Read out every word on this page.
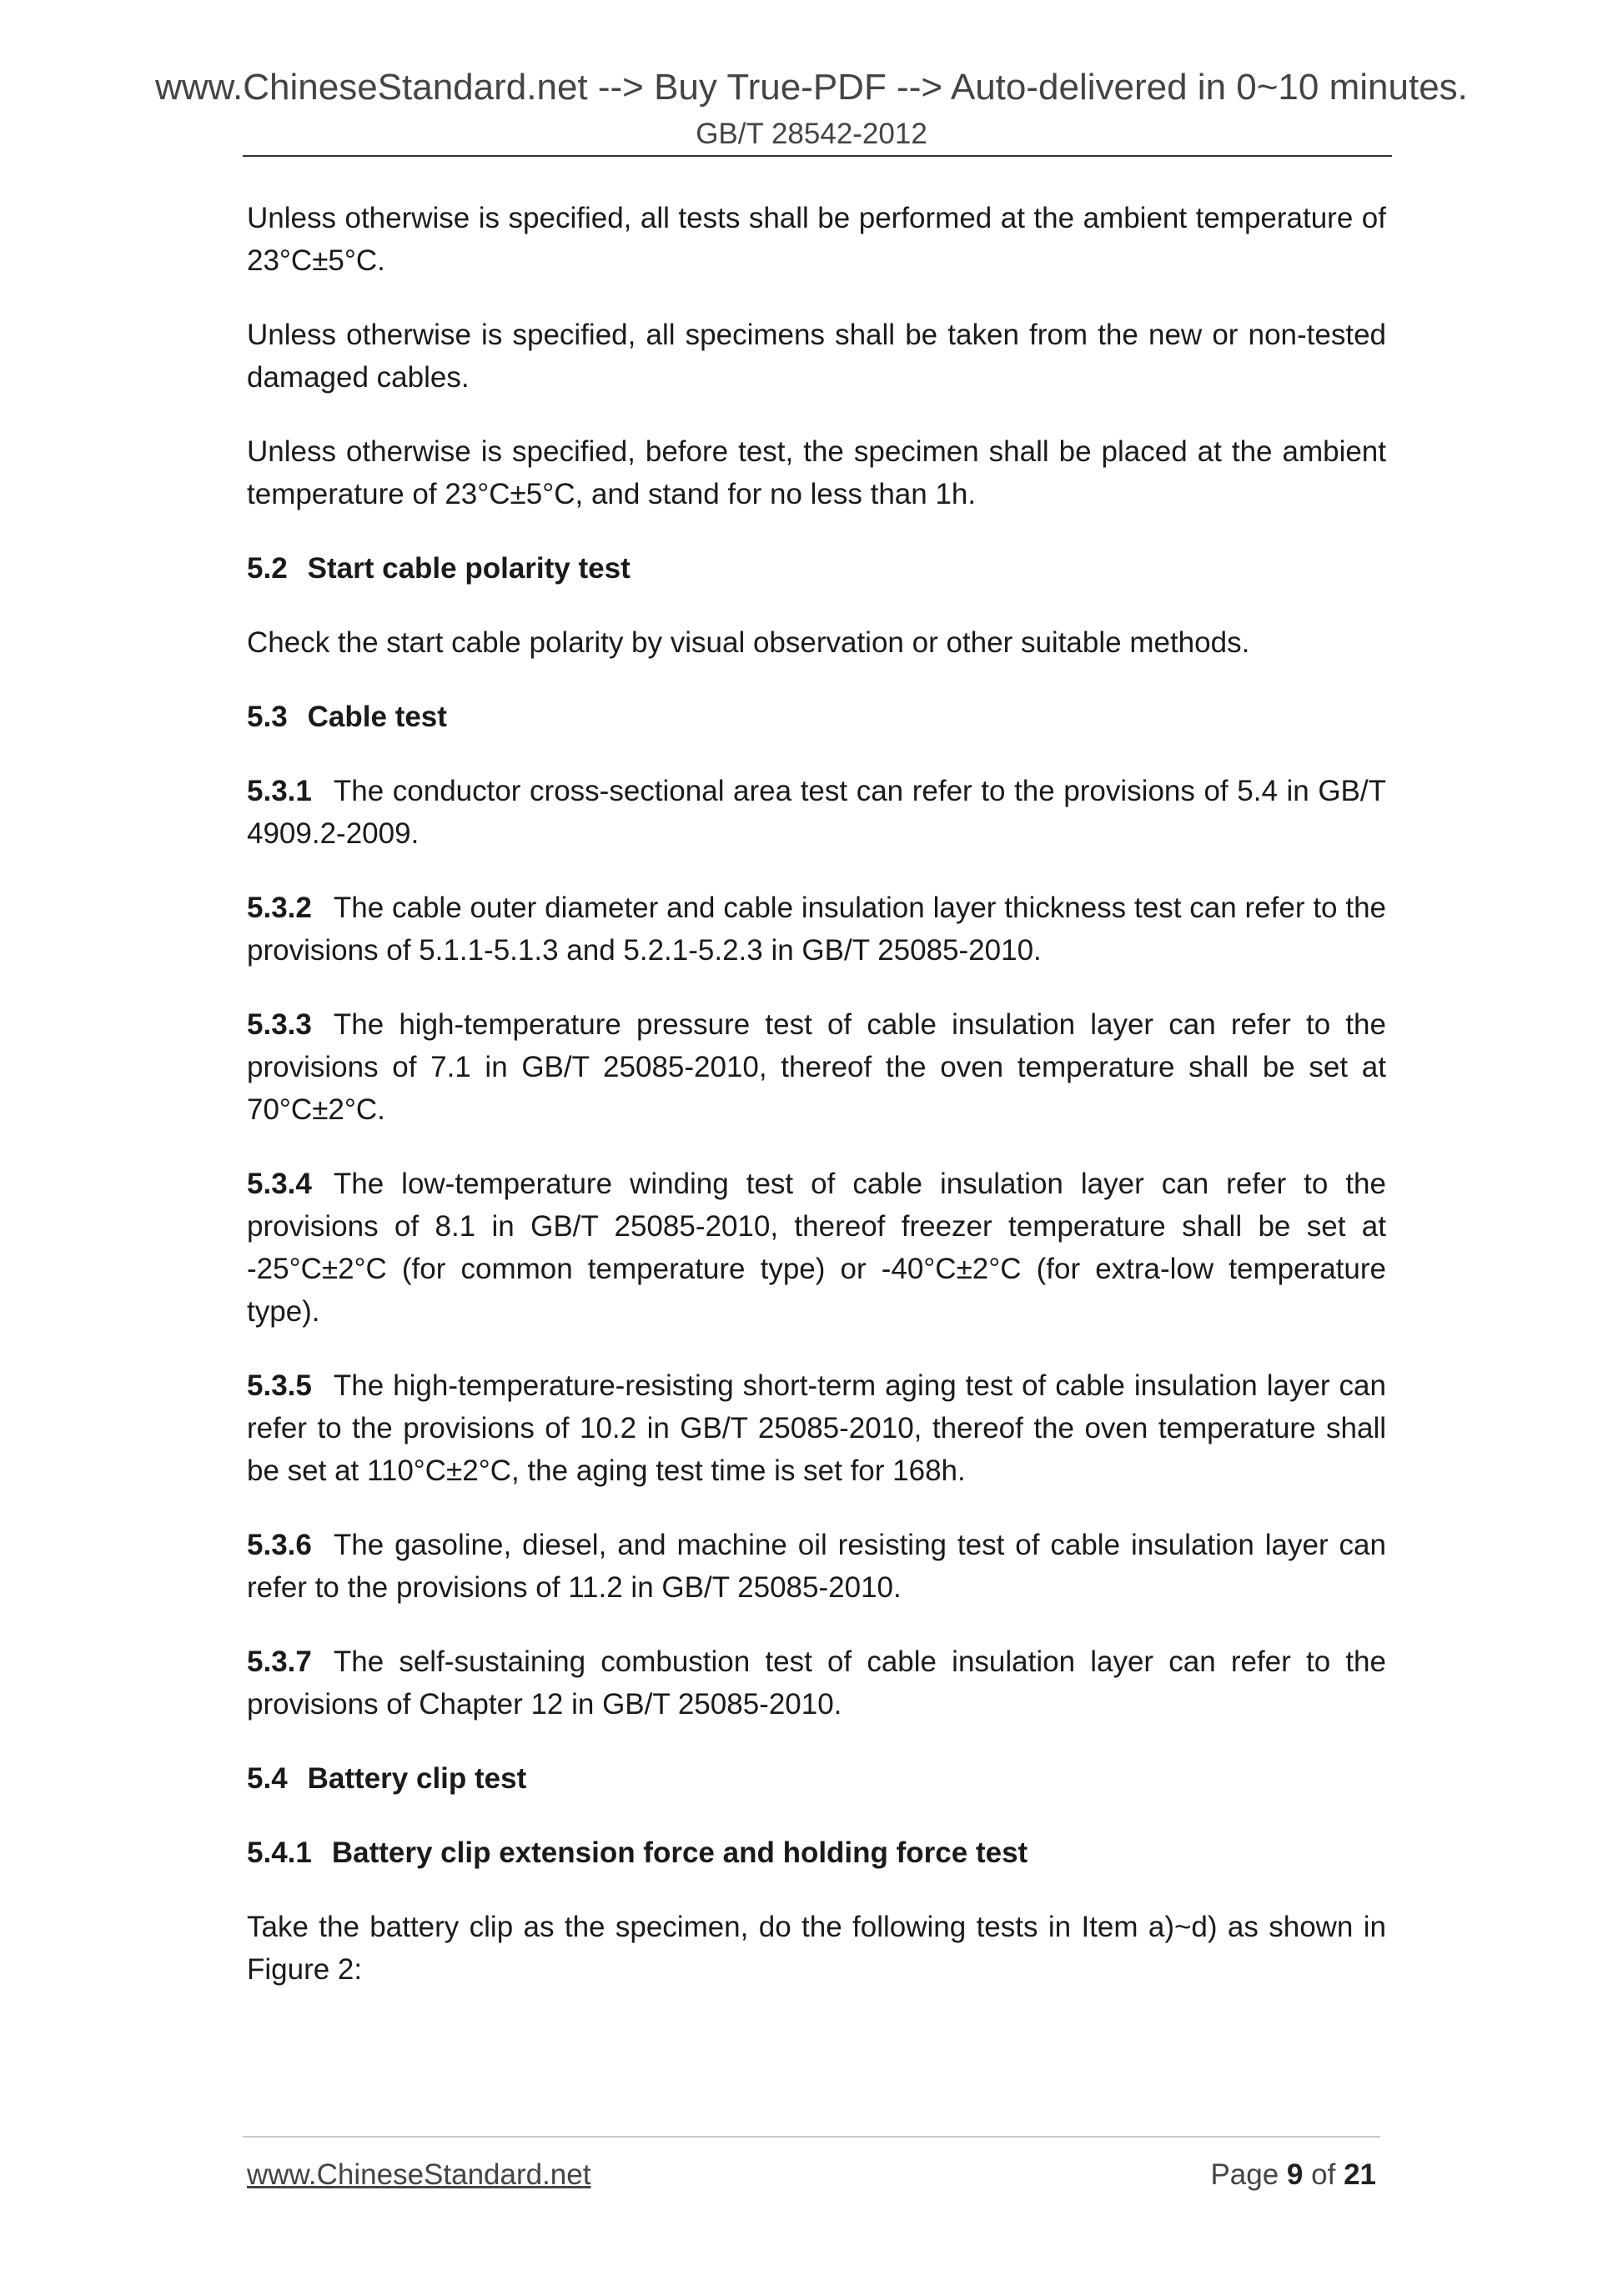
www.ChineseStandard.net --> Buy True-PDF --> Auto-delivered in 0~10 minutes.
GB/T 28542-2012

Unless otherwise is specified, all tests shall be performed at the ambient temperature of 23°C±5°C.

Unless otherwise is specified, all specimens shall be taken from the new or non-tested damaged cables.

Unless otherwise is specified, before test, the specimen shall be placed at the ambient temperature of 23°C±5°C, and stand for no less than 1h.

5.2 Start cable polarity test

Check the start cable polarity by visual observation or other suitable methods.

5.3 Cable test

5.3.1 The conductor cross-sectional area test can refer to the provisions of 5.4 in GB/T 4909.2-2009.

5.3.2 The cable outer diameter and cable insulation layer thickness test can refer to the provisions of 5.1.1-5.1.3 and 5.2.1-5.2.3 in GB/T 25085-2010.

5.3.3 The high-temperature pressure test of cable insulation layer can refer to the provisions of 7.1 in GB/T 25085-2010, thereof the oven temperature shall be set at 70°C±2°C.

5.3.4 The low-temperature winding test of cable insulation layer can refer to the provisions of 8.1 in GB/T 25085-2010, thereof freezer temperature shall be set at -25°C±2°C (for common temperature type) or -40°C±2°C (for extra-low temperature type).

5.3.5 The high-temperature-resisting short-term aging test of cable insulation layer can refer to the provisions of 10.2 in GB/T 25085-2010, thereof the oven temperature shall be set at 110°C±2°C, the aging test time is set for 168h.

5.3.6 The gasoline, diesel, and machine oil resisting test of cable insulation layer can refer to the provisions of 11.2 in GB/T 25085-2010.

5.3.7 The self-sustaining combustion test of cable insulation layer can refer to the provisions of Chapter 12 in GB/T 25085-2010.

5.4 Battery clip test
5.4.1 Battery clip extension force and holding force test

Take the battery clip as the specimen, do the following tests in Item a)~d) as shown in Figure 2:

www.ChineseStandard.net	Page 9 of 21
